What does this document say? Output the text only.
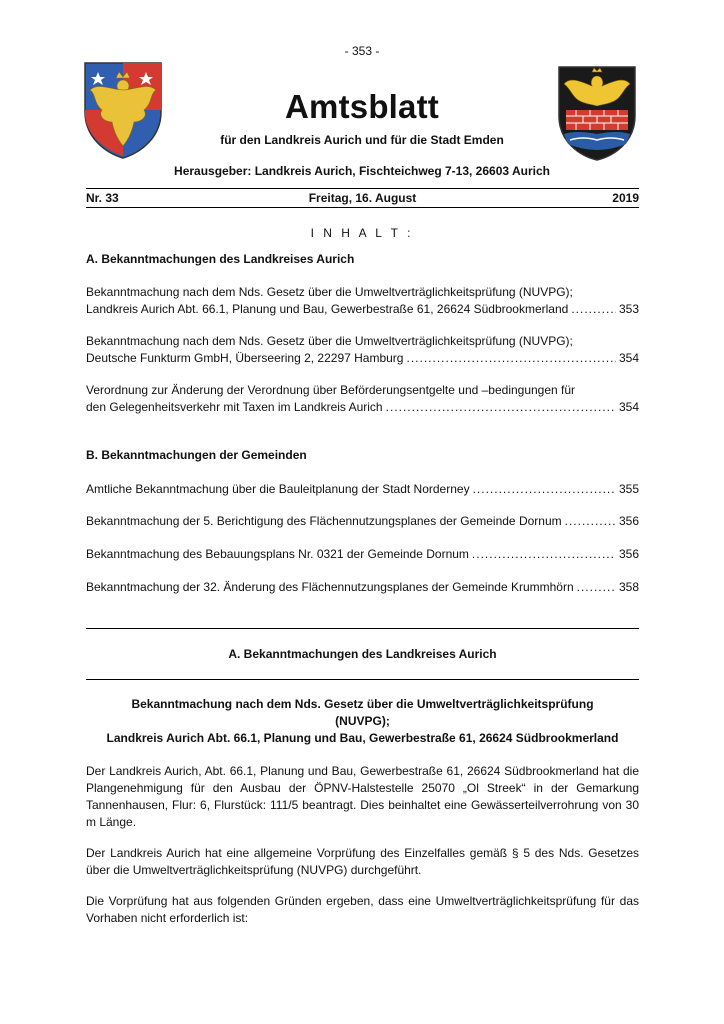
- 353 -
Amtsblatt
für den Landkreis Aurich und für die Stadt Emden
Herausgeber: Landkreis Aurich, Fischteichweg 7-13, 26603 Aurich
Freitag, 16. August
Nr. 33	2019
I N H A L T :
A. Bekanntmachungen des Landkreises Aurich
Bekanntmachung nach dem Nds. Gesetz über die Umweltverträglichkeitsprüfung (NUVPG);
Landkreis Aurich Abt. 66.1, Planung und Bau, Gewerbestraße 61, 26624 Südbrookmerland .....	353
Bekanntmachung nach dem Nds. Gesetz über die Umweltverträglichkeitsprüfung (NUVPG);
Deutsche Funkturm GmbH, Überseering 2, 22297 Hamburg .....	354
Verordnung zur Änderung der Verordnung über Beförderungsentgelte und –bedingungen für
den Gelegenheitsverkehr mit Taxen im Landkreis Aurich .....	354
B. Bekanntmachungen der Gemeinden
Amtliche Bekanntmachung über die Bauleitplanung der Stadt Norderney .....	355
Bekanntmachung der 5. Berichtigung des Flächennutzungsplanes der Gemeinde Dornum .....	356
Bekanntmachung des Bebauungsplans Nr. 0321 der Gemeinde Dornum .....	356
Bekanntmachung der 32. Änderung des Flächennutzungsplanes der Gemeinde Krummhörn .....	358
A. Bekanntmachungen des Landkreises Aurich
Bekanntmachung nach dem Nds. Gesetz über die Umweltverträglichkeitsprüfung
(NUVPG);
Landkreis Aurich Abt. 66.1, Planung und Bau, Gewerbestraße 61, 26624 Südbrookmerland
Der Landkreis Aurich, Abt. 66.1, Planung und Bau, Gewerbestraße 61, 26624 Südbrookmerland hat die Plangenehmigung für den Ausbau der ÖPNV-Halstestelle 25070 „Ol Streek“ in der Gemarkung Tannenhausen, Flur: 6, Flurstück: 111/5 beantragt. Dies beinhaltet eine Gewässerteilverrohrung von 30 m Länge.
Der Landkreis Aurich hat eine allgemeine Vorprüfung des Einzelfalles gemäß § 5 des Nds. Gesetzes über die Umweltverträglichkeitsprüfung (NUVPG) durchgeführt.
Die Vorprüfung hat aus folgenden Gründen ergeben, dass eine Umweltverträglichkeitsprüfung für das Vorhaben nicht erforderlich ist:
